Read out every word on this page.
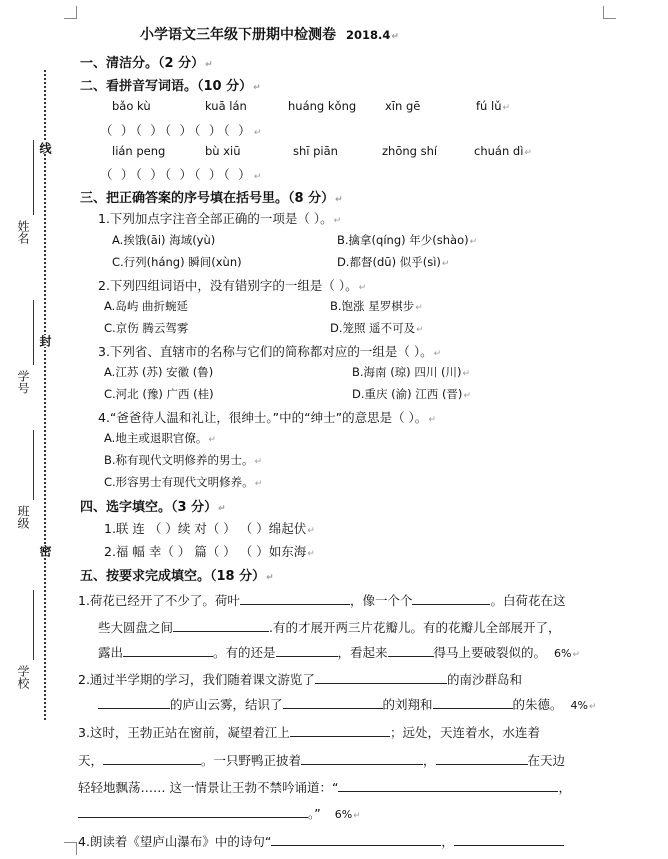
学校
班级
学号
姓名
密
封
线
小学语文三年级下册期中检测卷 2018.4 ↵
一、清洁分。（2 分） ↵
二、看拼音写词语。（10 分） ↵
bǎo kù	kuā lán	huáng kǒng	xīn gē	fú lǔ ↵
（ ）（ ）（ ）（ ）（ ） ↵
lián peng	bù xiū	shī piān	zhōng shí	chuán dì ↵
（ ）（ ）（ ）（ ）（ ） ↵
三、把正确答案的序号填在括号里。（8 分） ↵
1.下列加点字注音全部正确的一项是（ ）。 ↵
A.挨饿(āi) 海域(yù)	B.擒拿(qíng) 年少(shào) ↵
C.行列(háng) 瞬间(xùn)	D.都督(dū) 似乎(sì) ↵
2.下列四组词语中，没有错别字的一组是（ ）。 ↵
A.岛屿 曲折蜿延	B.饱涨 星罗棋步 ↵
C.京伤 腾云驾雾	D.笼照 遥不可及 ↵
3.下列省、直辖市的名称与它们的简称都对应的一组是（ ）。 ↵
A.江苏 (苏) 安徽 (鲁)	B.海南 (琼) 四川 (川) ↵
C.河北 (豫) 广西 (桂)	D.重庆 (渝) 江西 (晋) ↵
4.“爸爸待人温和礼让，很绅士。”中的“绅士”的意思是（ ）。 ↵
A.地主或退职官僚。 ↵
B.称有现代文明修养的男士。 ↵
C.形容男士有现代文明修养。 ↵
四、选字填空。（3 分） ↵
1.联 连 （ ）续 对（ ） （ ）绵起伏 ↵
2.福 幅 幸（ ） 篇（ ） （ ）如东海 ↵
五、按要求完成填空。（18 分） ↵
1.荷花已经开了不少了。荷叶	，像一个个	。白荷花在这
些大圆盘之间	.有的才展开两三片花瓣儿。有的花瓣儿全部展开了，
露出	。有的还是	，看起来	得马上要破裂似的。 6% ↵
2.通过半学期的学习，我们随着课文游览了	的南沙群岛和
的庐山云雾，结识了	的刘翔和	的朱德。 4% ↵
3.这时，王勃正站在窗前，凝望着江上	；远处，天连着水，水连着
天，	。一只野鸭正披着	，	在天边
轻轻地飘荡…… 这一情景让王勃不禁吟诵道：“	，
。” 6% ↵
4.朗读着《望庐山瀑布》中的诗句“	，
